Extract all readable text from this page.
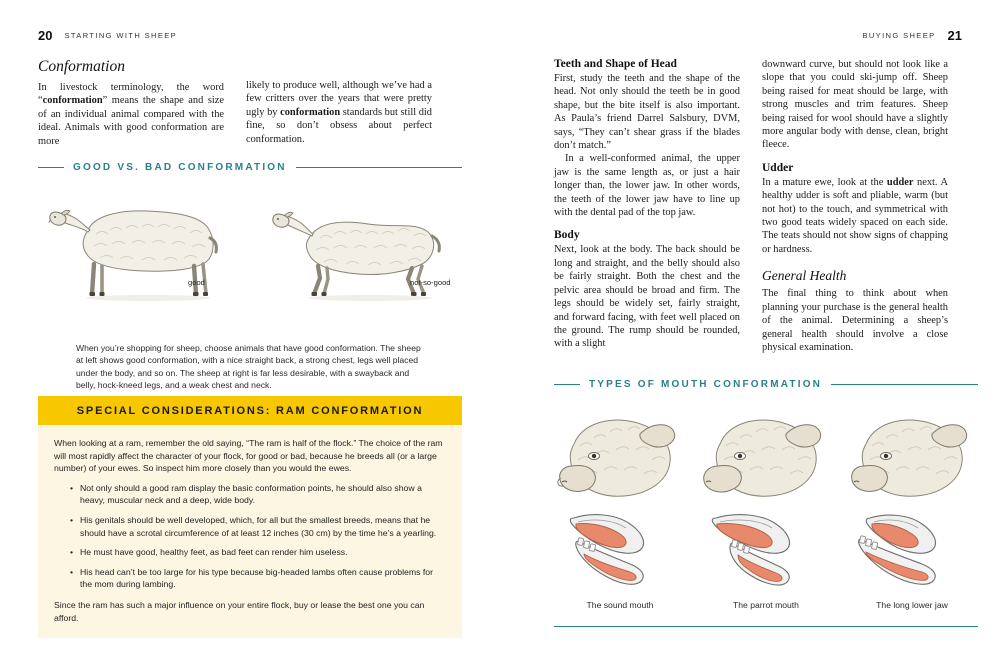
20 STARTING WITH SHEEP
Conformation

In livestock terminology, the word “conformation” means the shape and size of an individual animal compared with the ideal. Animals with good conformation are more

likely to produce well, although we’ve had a few critters over the years that were pretty ugly by conformation standards but still did fine, so don’t obsess about perfect conformation.

GOOD VS. BAD CONFORMATION
good	not-so-good
When you’re shopping for sheep, choose animals that have good conformation. The sheep at left shows good conformation, with a nice straight back, a strong chest, legs well placed under the body, and so on. The sheep at right is far less desirable, with a swayback and belly, hock-kneed legs, and a weak chest and neck.
SPECIAL CONSIDERATIONS: RAM CONFORMATION

When looking at a ram, remember the old saying, “The ram is half of the flock.” The choice of the ram will most rapidly affect the character of your flock, for good or bad, because he breeds all (or a large number) of your ewes. So inspect him more closely than you would the ewes.

• Not only should a good ram display the basic conformation points, he should also show a heavy, muscular neck and a deep, wide body.
• His genitals should be well developed, which, for all but the smallest breeds, means that he should have a scrotal circumference of at least 12 inches (30 cm) by the time he’s a yearling.
• He must have good, healthy feet, as bad feet can render him useless.
• His head can’t be too large for his type because big-headed lambs often cause problems for the mom during lambing.

Since the ram has such a major influence on your entire flock, buy or lease the best one you can afford.

BUYING SHEEP 21
Teeth and Shape of Head

First, study the teeth and the shape of the head. Not only should the teeth be in good shape, but the bite itself is also important. As Paula’s friend Darrel Salsbury, DVM, says, “They can’t shear grass if the blades don’t match.”

In a well-conformed animal, the upper jaw is the same length as, or just a hair longer than, the lower jaw. In other words, the teeth of the lower jaw have to line up with the dental pad of the top jaw.

Body

Next, look at the body. The back should be long and straight, and the belly should also be fairly straight. Both the chest and the pelvic area should be broad and firm. The legs should be widely set, fairly straight, and forward facing, with feet well placed on the ground. The rump should be rounded, with a slight

downward curve, but should not look like a slope that you could ski-jump off. Sheep being raised for meat should be large, with strong muscles and trim features. Sheep being raised for wool should have a slightly more angular body with dense, clean, bright fleece.

Udder

In a mature ewe, look at the udder next. A healthy udder is soft and pliable, warm (but not hot) to the touch, and symmetrical with two good teats widely spaced on each side. The teats should not show signs of chapping or hardness.

General Health

The final thing to think about when planning your purchase is the general health of the animal. Determining a sheep’s general health should involve a close physical examination.

TYPES OF MOUTH CONFORMATION
The sound mouth	The parrot mouth	The long lower jaw
